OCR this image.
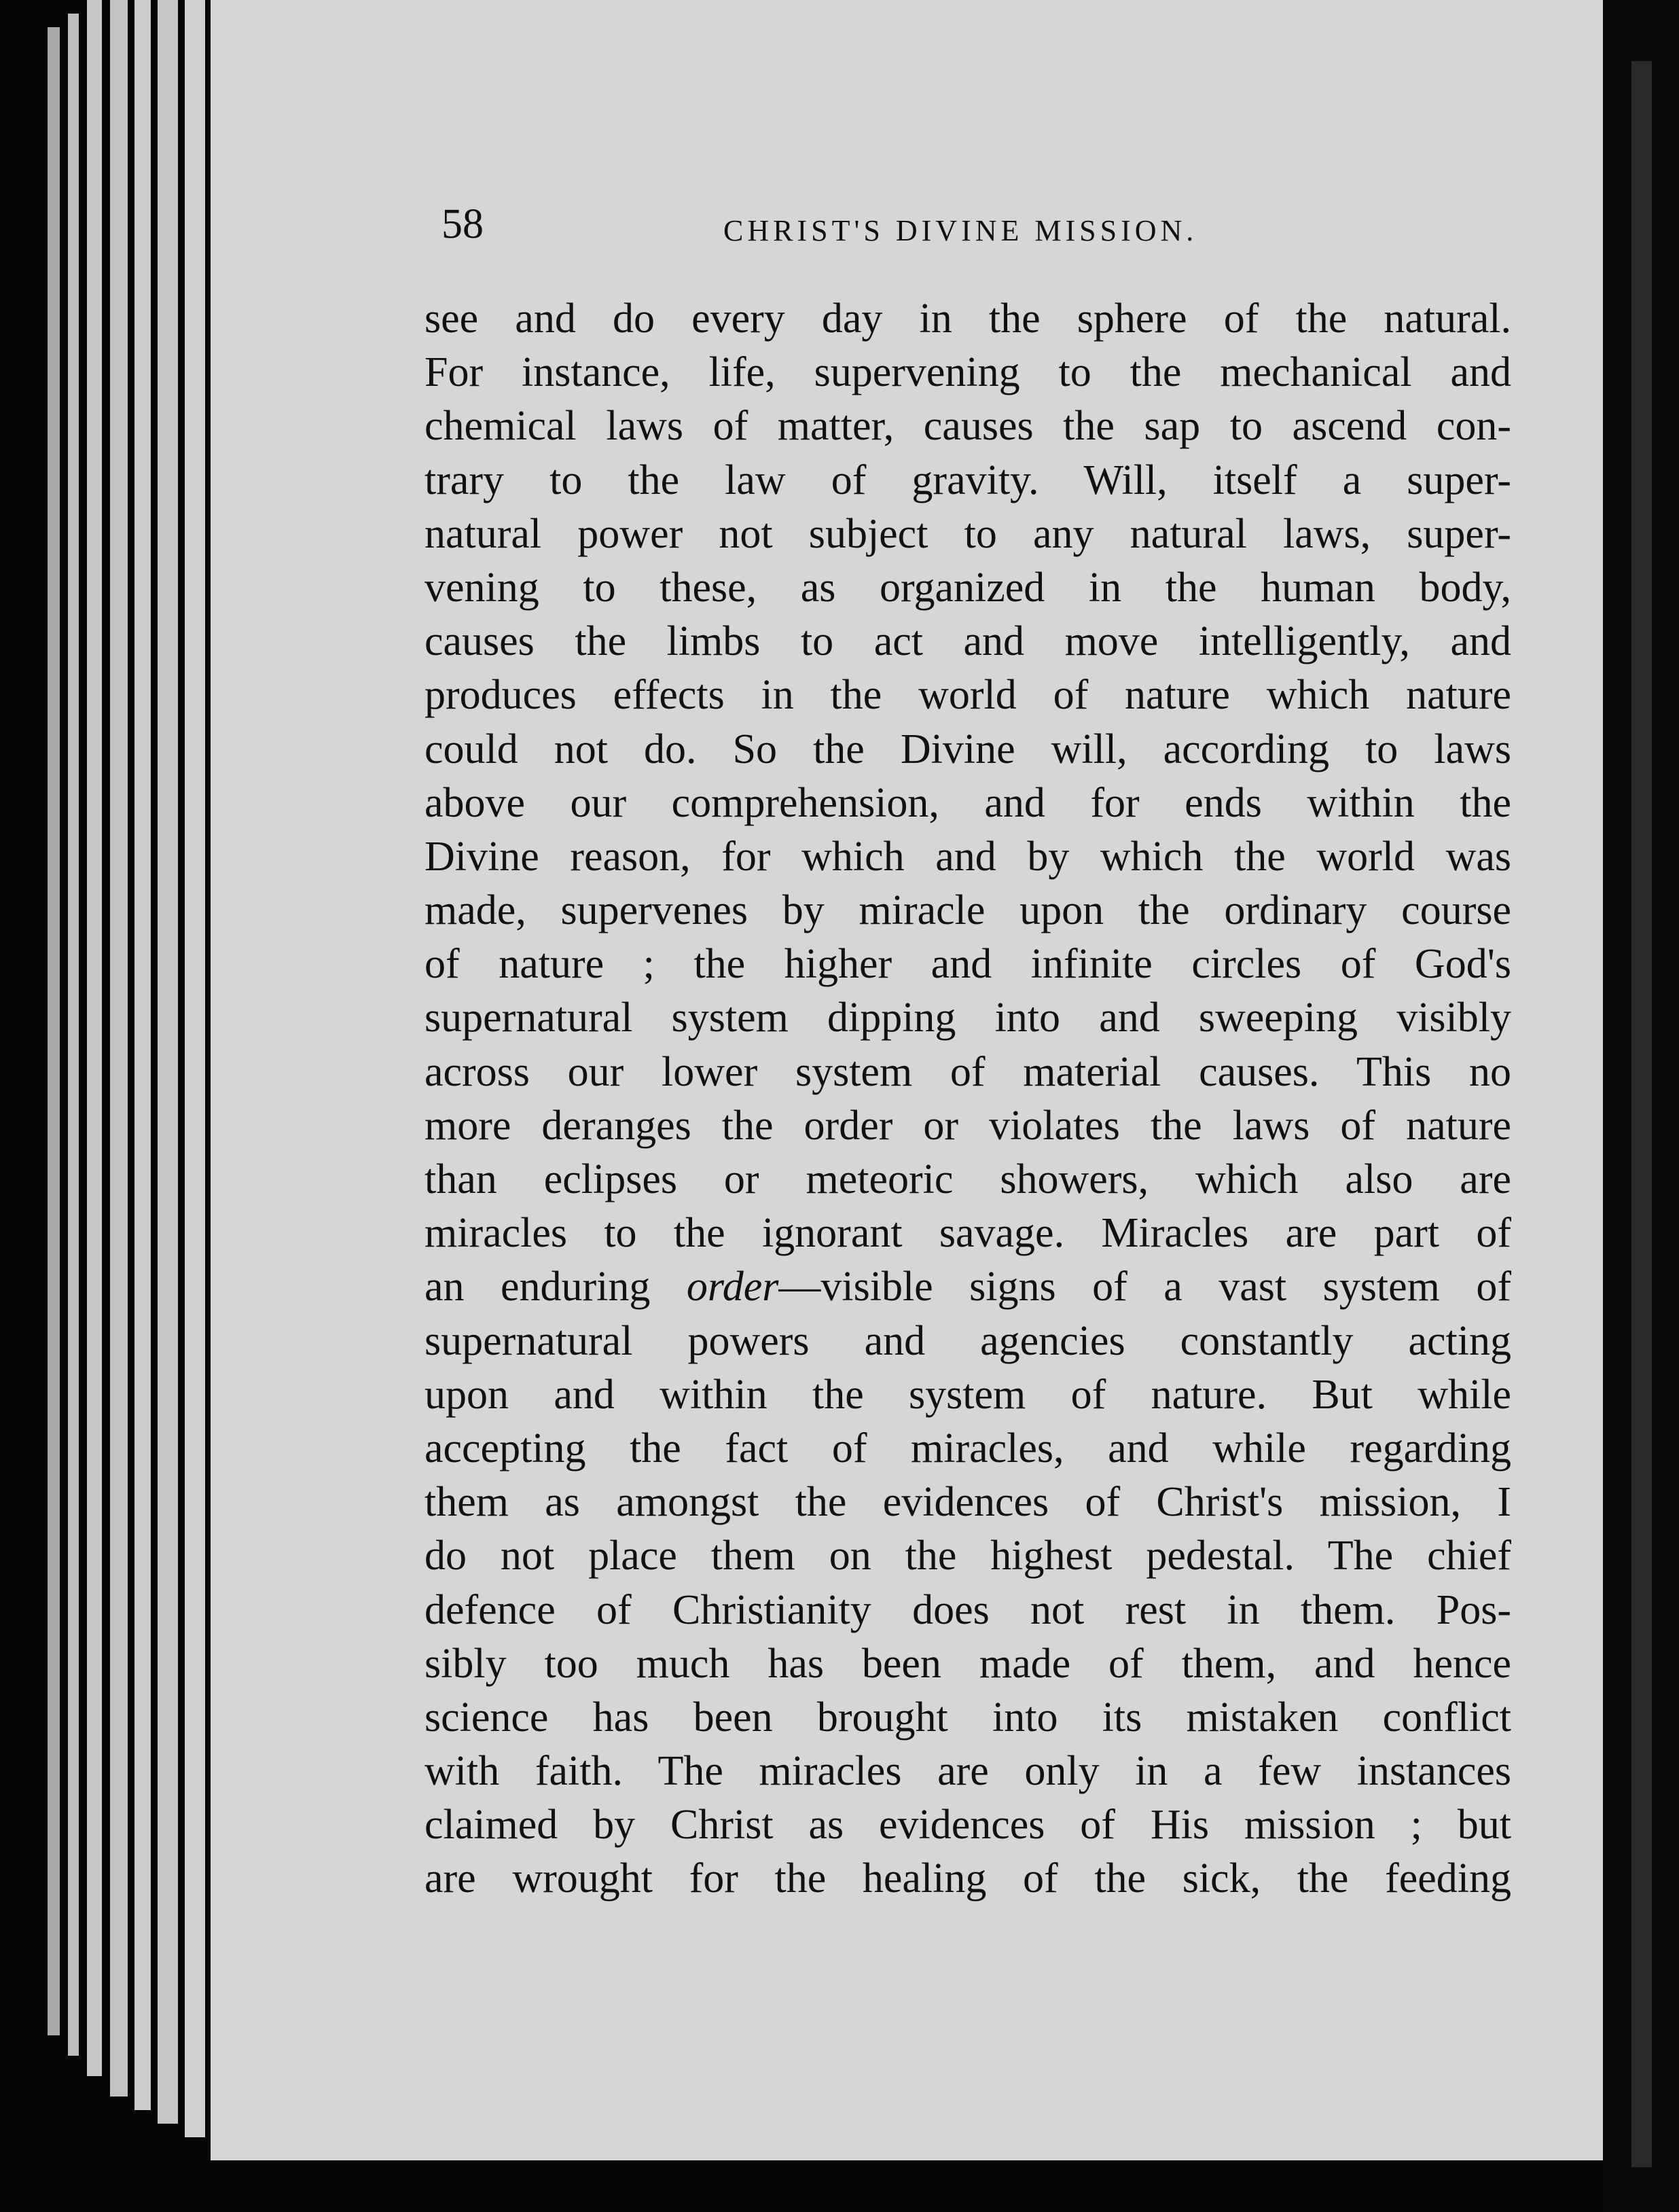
58	CHRIST'S DIVINE MISSION.
see and do every day in the sphere of the natural.
For instance, life, supervening to the mechanical and
chemical laws of matter, causes the sap to ascend con-
trary to the law of gravity. Will, itself a super-
natural power not subject to any natural laws, super-
vening to these, as organized in the human body,
causes the limbs to act and move intelligently, and
produces effects in the world of nature which nature
could not do. So the Divine will, according to laws
above our comprehension, and for ends within the
Divine reason, for which and by which the world was
made, supervenes by miracle upon the ordinary course
of nature ; the higher and infinite circles of God's
supernatural system dipping into and sweeping visibly
across our lower system of material causes. This no
more deranges the order or violates the laws of nature
than eclipses or meteoric showers, which also are
miracles to the ignorant savage. Miracles are part of
an enduring order—visible signs of a vast system of
supernatural powers and agencies constantly acting
upon and within the system of nature. But while
accepting the fact of miracles, and while regarding
them as amongst the evidences of Christ's mission, I
do not place them on the highest pedestal. The chief
defence of Christianity does not rest in them. Pos-
sibly too much has been made of them, and hence
science has been brought into its mistaken conflict
with faith. The miracles are only in a few instances
claimed by Christ as evidences of His mission ; but
are wrought for the healing of the sick, the feeding
